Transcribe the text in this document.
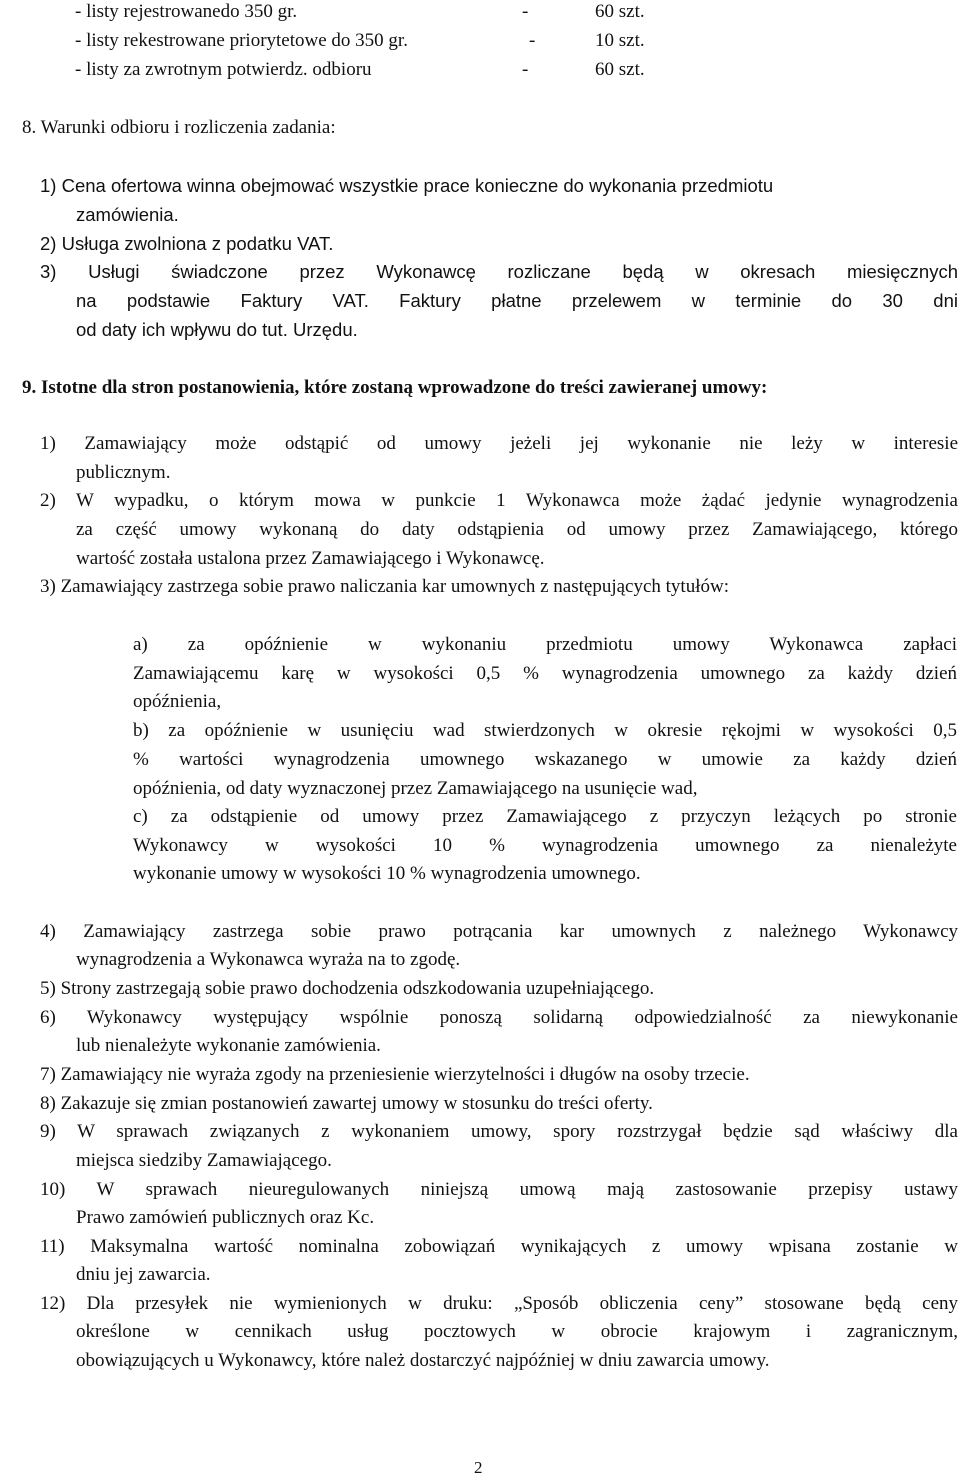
- listy rejestrowanedo 350 gr.	-	60 szt.
- listy rekestrowane priorytetowe do 350 gr.	-	10 szt.
- listy za zwrotnym potwierdz. odbioru	-	60 szt.
8. Warunki odbioru i rozliczenia zadania:
1) Cena ofertowa winna obejmować wszystkie prace konieczne do wykonania przedmiotu
zamówienia.
2) Usługa zwolniona z podatku VAT.
3) Usługi świadczone przez Wykonawcę rozliczane będą w okresach miesięcznych
na podstawie Faktury VAT. Faktury płatne przelewem w terminie do 30 dni
od daty ich wpływu do tut. Urzędu.
9. Istotne dla stron postanowienia, które zostaną wprowadzone do treści zawieranej umowy:
1) Zamawiający może odstąpić od umowy jeżeli jej wykonanie nie leży w interesie
publicznym.
2) W wypadku, o którym mowa w punkcie 1 Wykonawca może żądać jedynie wynagrodzenia
za część umowy wykonaną do daty odstąpienia od umowy przez Zamawiającego, którego
wartość została ustalona przez Zamawiającego i Wykonawcę.
3) Zamawiający zastrzega sobie prawo naliczania kar umownych z następujących tytułów:
a) za opóźnienie w wykonaniu przedmiotu umowy Wykonawca zapłaci
Zamawiającemu karę w wysokości 0,5 % wynagrodzenia umownego za każdy dzień
opóźnienia,
b) za opóźnienie w usunięciu wad stwierdzonych w okresie rękojmi w wysokości 0,5
% wartości wynagrodzenia umownego wskazanego w umowie za każdy dzień
opóźnienia, od daty wyznaczonej przez Zamawiającego na usunięcie wad,
c) za odstąpienie od umowy przez Zamawiającego z przyczyn leżących po stronie
Wykonawcy w wysokości 10 % wynagrodzenia umownego za nienależyte
wykonanie umowy w wysokości 10 % wynagrodzenia umownego.
4) Zamawiający zastrzega sobie prawo potrącania kar umownych z należnego Wykonawcy
wynagrodzenia a Wykonawca wyraża na to zgodę.
5) Strony zastrzegają sobie prawo dochodzenia odszkodowania uzupełniającego.
6) Wykonawcy występujący wspólnie ponoszą solidarną odpowiedzialność za niewykonanie
lub nienależyte wykonanie zamówienia.
7) Zamawiający nie wyraża zgody na przeniesienie wierzytelności i długów na osoby trzecie.
8) Zakazuje się zmian postanowień zawartej umowy w stosunku do treści oferty.
9) W sprawach związanych z wykonaniem umowy, spory rozstrzygał będzie sąd właściwy dla
miejsca siedziby Zamawiającego.
10) W sprawach nieuregulowanych niniejszą umową mają zastosowanie przepisy ustawy
Prawo zamówień publicznych oraz Kc.
11) Maksymalna wartość nominalna zobowiązań wynikających z umowy wpisana zostanie w
dniu jej zawarcia.
12) Dla przesyłek nie wymienionych w druku: „Sposób obliczenia ceny” stosowane będą ceny
określone w cennikach usług pocztowych w obrocie krajowym i zagranicznym,
obowiązujących u Wykonawcy, które należ dostarczyć najpóźniej w dniu zawarcia umowy.
2
